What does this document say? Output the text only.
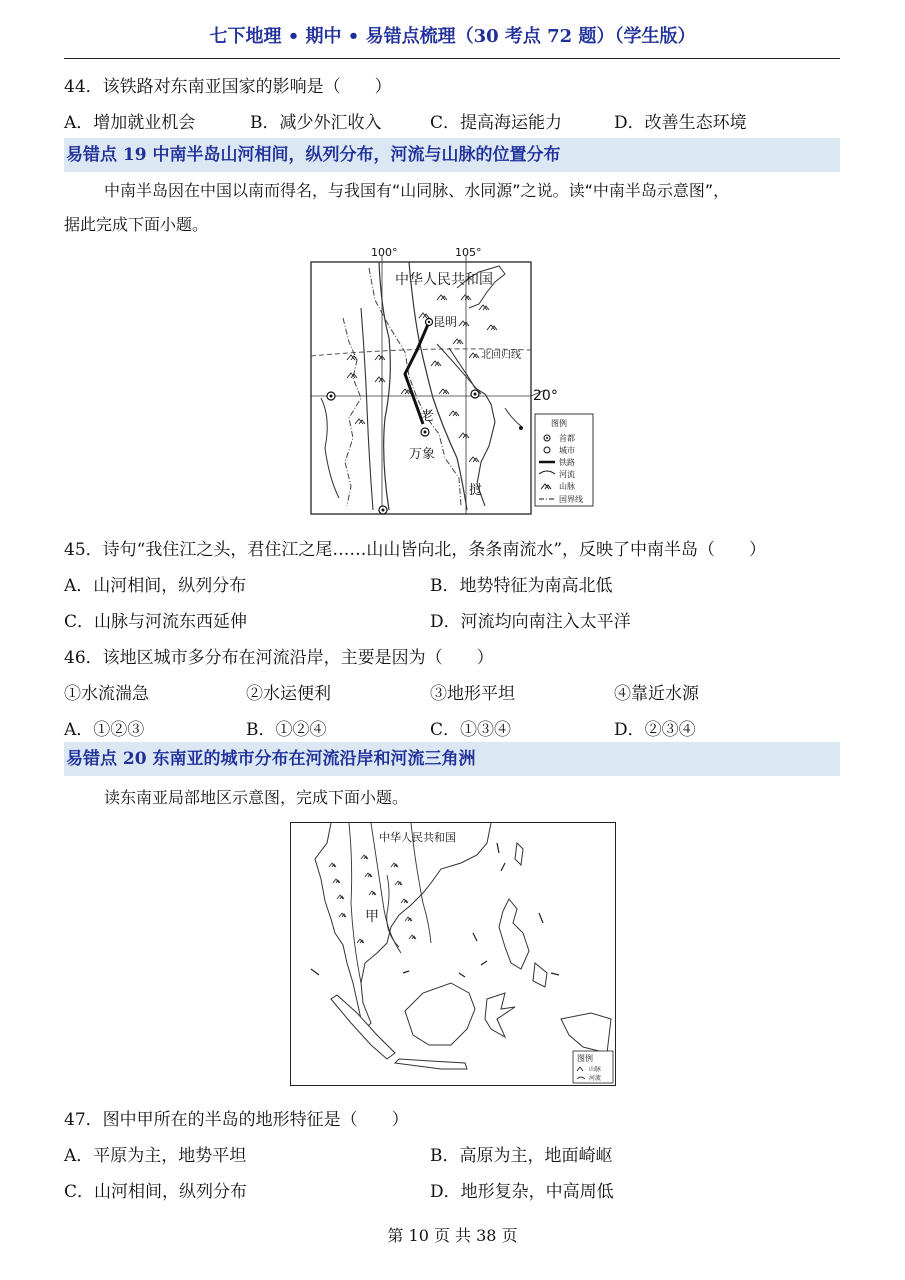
七下地理 • 期中 • 易错点梳理（30 考点 72 题）（学生版）
44．该铁路对东南亚国家的影响是（　　）
A．增加就业机会	B．减少外汇收入	C．提高海运能力	D．改善生态环境
易错点 19 中南半岛山河相间，纵列分布，河流与山脉的位置分布

中南半岛因在中国以南而得名，与我国有“山同脉、水同源”之说。读“中南半岛示意图”，

据此完成下面小题。
100°	105°
中华人民共和国
昆明
北回归线
20°
老
万象
挝
图例
首都
城市
铁路
河流
山脉
国界线
45．诗句“我住江之头，君住江之尾……山山皆向北，条条南流水”，反映了中南半岛（　　）
A．山河相间，纵列分布	B．地势特征为南高北低
C．山脉与河流东西延伸	D．河流均向南注入太平洋
46．该地区城市多分布在河流沿岸，主要是因为（　　）
①水流湍急	②水运便利	③地形平坦	④靠近水源
A．①②③	B．①②④	C．①③④	D．②③④
易错点 20 东南亚的城市分布在河流沿岸和河流三角洲
读东南亚局部地区示意图，完成下面小题。
中华人民共和国
甲
图例
山脉
河流
47．图中甲所在的半岛的地形特征是（　　）
A．平原为主，地势平坦	B．高原为主，地面崎岖
C．山河相间，纵列分布	D．地形复杂，中高周低
第 10 页 共 38 页
